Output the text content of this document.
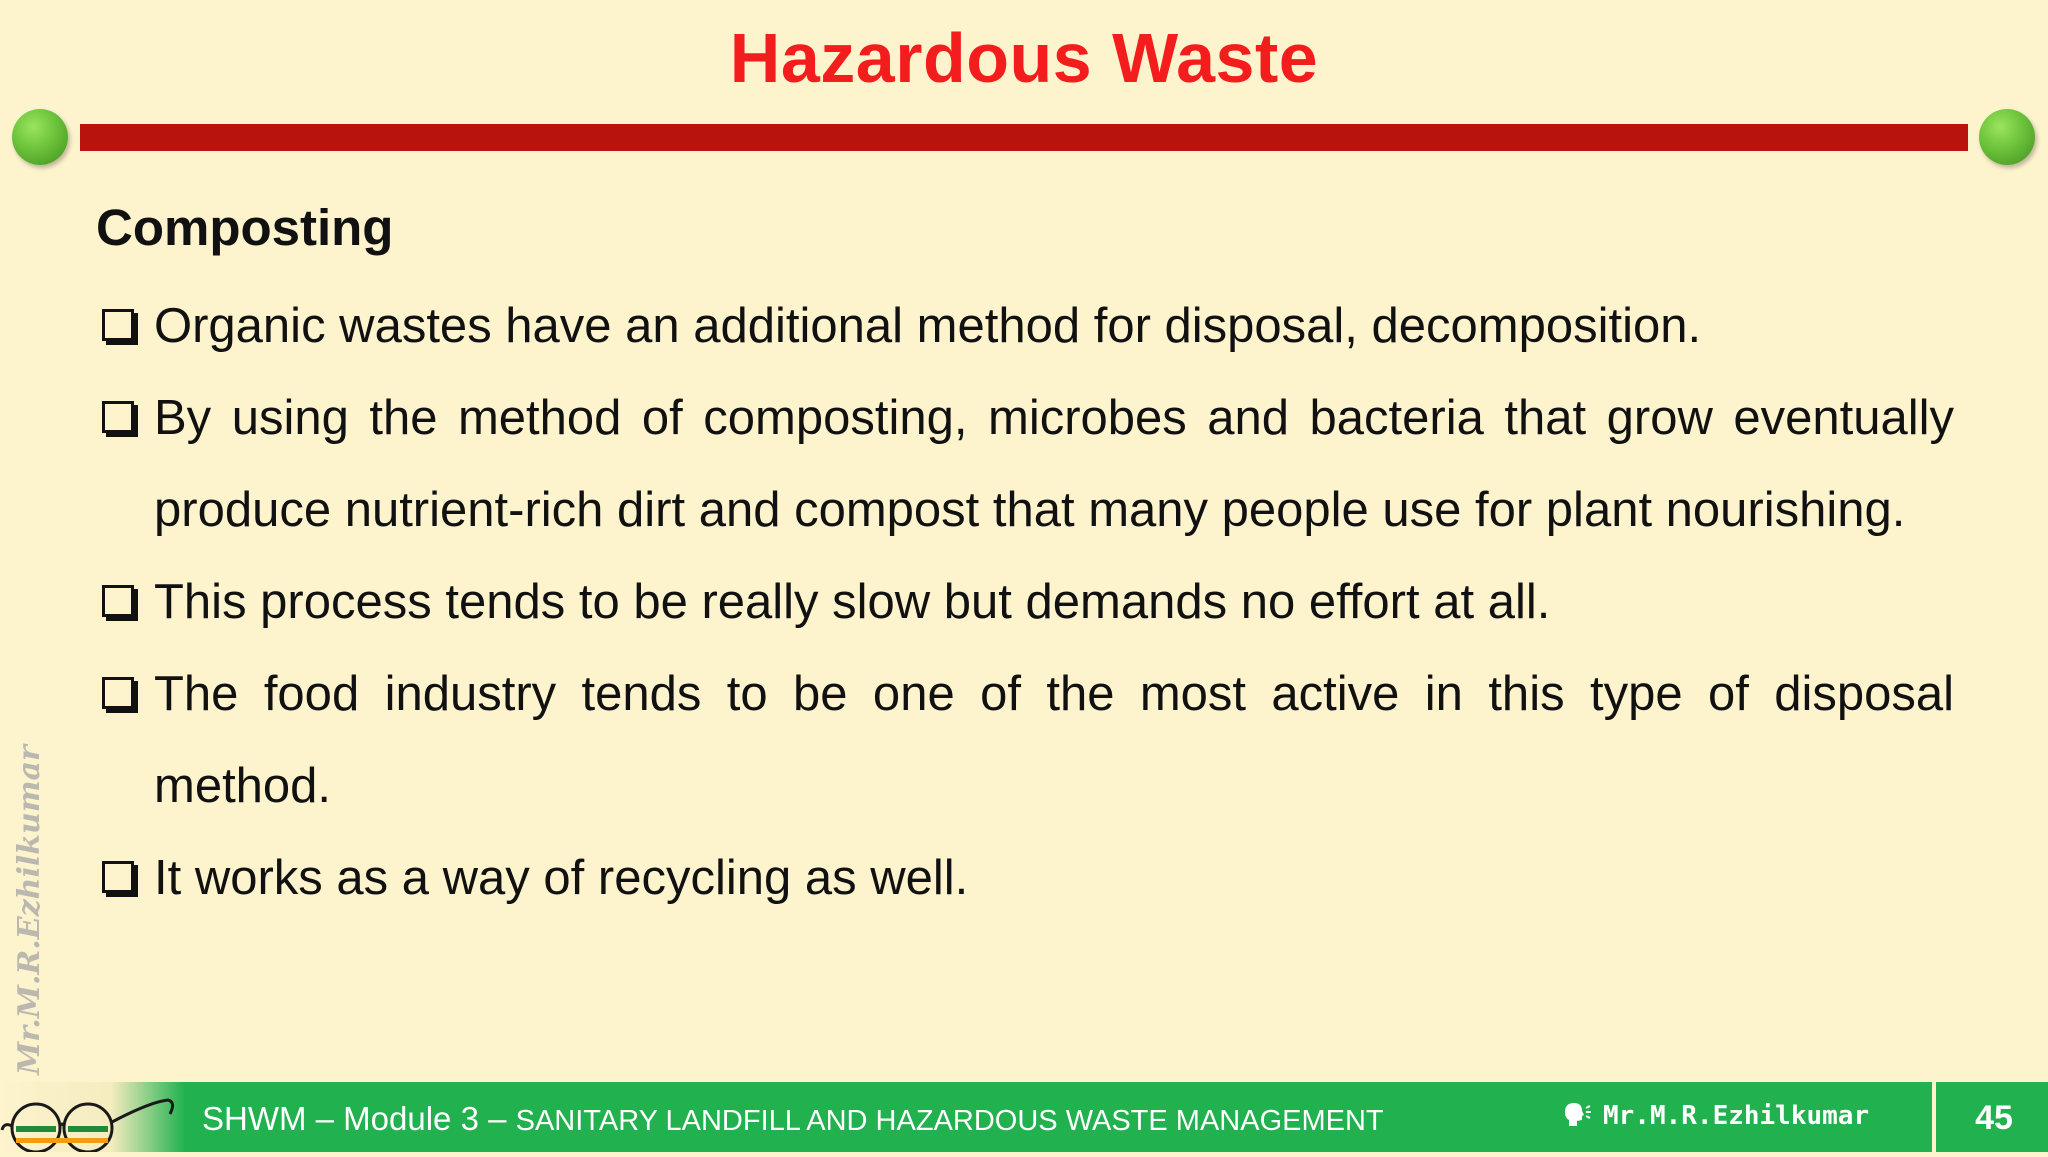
Hazardous Waste
Composting
Organic wastes have an additional method for disposal, decomposition.
By using the method of composting, microbes and bacteria that grow eventually produce nutrient-rich dirt and compost that many people use for plant nourishing.
This process tends to be really slow but demands no effort at all.
The food industry tends to be one of the most active in this type of disposal method.
It works as a way of recycling as well.
Mr.M.R.Ezhilkumar
SHWM – Module 3 – SANITARY LANDFILL AND HAZARDOUS WASTE MANAGEMENT	Mr.M.R.Ezhilkumar	45
